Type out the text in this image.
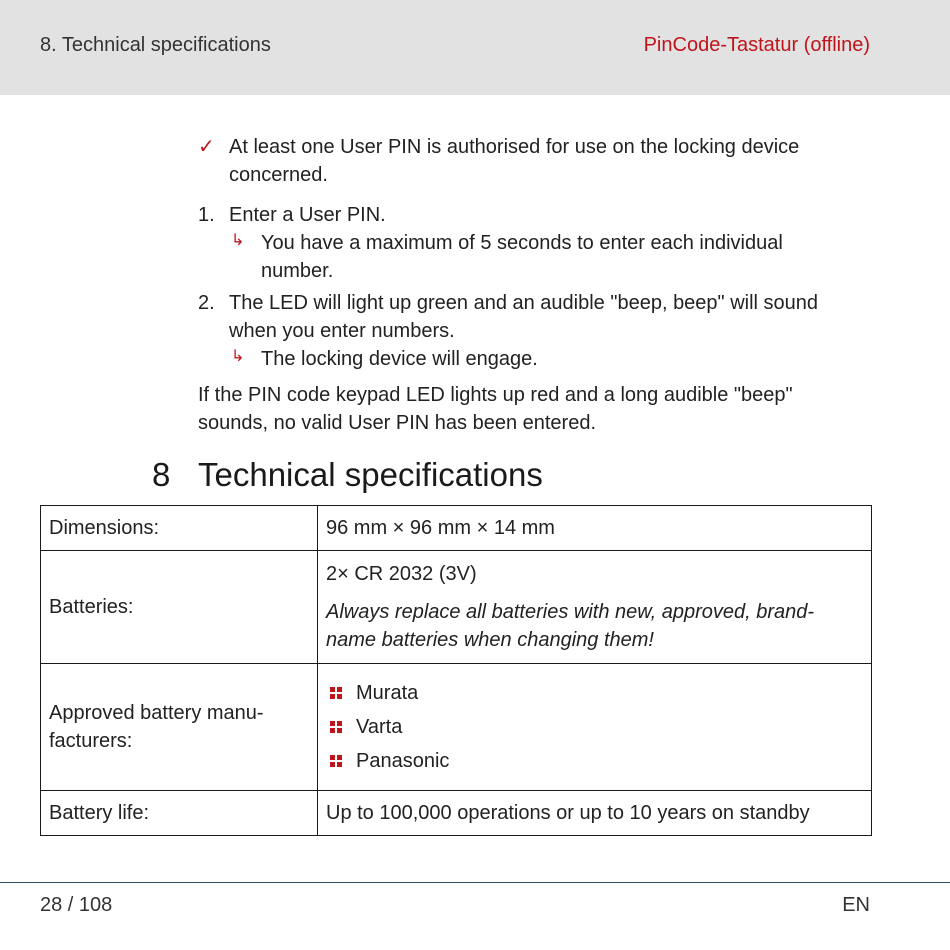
8. Technical specifications	PinCode-Tastatur (offline)
✓ At least one User PIN is authorised for use on the locking device concerned.
1. Enter a User PIN.
↳ You have a maximum of 5 seconds to enter each individual number.
2. The LED will light up green and an audible "beep, beep" will sound when you enter numbers.
↳ The locking device will engage.
If the PIN code keypad LED lights up red and a long audible "beep" sounds, no valid User PIN has been entered.
8 Technical specifications
Dimensions:	96 mm × 96 mm × 14 mm
Batteries:	2× CR 2032 (3V)
Always replace all batteries with new, approved, brand-name batteries when changing them!

Approved battery manu-facturers:	Murata
Varta
Panasonic

Battery life:	Up to 100,000 operations or up to 10 years on standby
28 / 108	EN
